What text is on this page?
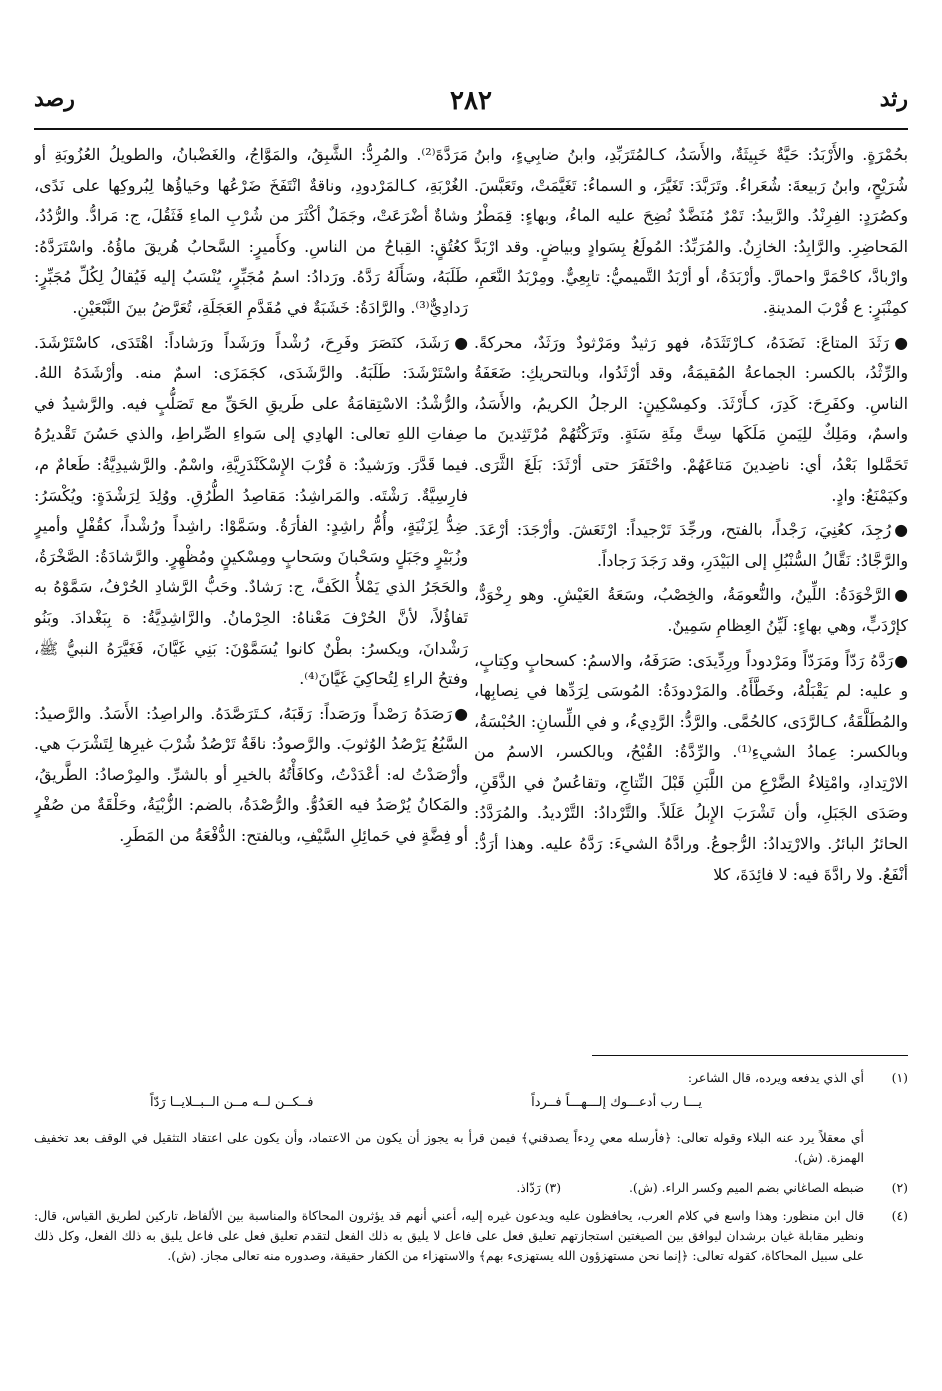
رثد
٢٨٢
رصد

بحُمْرَةٍ. والأَرْبَدُ: حَيَّةٌ خَبِيثَةٌ، والأَسَدُ، كـالمُتَرَبِّدِ، وابنُ ضابِيءٍ، وابنُ شُرَيْحٍ، وابنُ رَبيعةَ: شُعَراءُ. وتَرَبَّدَ: تَغَيَّرَ، و السماءُ: تَغَيَّمَتْ، وتَعَبَّسَ. وكصُرَدٍ: الفِرِنْدُ. والرَّبيدُ: تَمْرٌ مُنَضَّدٌ نُضِحَ عليه الماءُ، وبهاءٍ: قِمَطْرُ المَحاضِرِ. والرَّابِدُ: الخازِنُ. والمُرَبِّدُ: المُولَعُ بِسَوادٍ وبياضٍ. وقد ارْبَدَّ وارْبادَّ، كاحْمَرَّ واحمارَّ. وأرْبَدَةُ، أو أرْبَدُ التَّميميُّ: تابِعِيٌّ. ومِرْبَدُ النَّعَمِ، كمِنْبَرٍ: ع قُرْبَ المدينةِ.

●رَثَدَ المتاعَ: نَضَدَهُ، كـارْتَثَدَهُ، فهو رَثيدٌ ومَرْثودٌ ورَثَدٌ، محركةً. والرِّثْدُ، بالكسر: الجماعةُ المُقيمَةُ، وقد أرْثَدُوا، وبالتحريكِ: ضَعَفَةُ الناسِ. وكفَرِحَ: كَدِرَ، كـأَرْثَدَ. وكمِسْكِينٍ: الرجلُ الكريمُ، والأَسَدُ، واسمٌ، ومَلِكٌ للِيَمنِ مَلَكَها سِتَّ مِئَةِ سَنَةٍ. وتَرَكْتُهُمْ مُرْتَثِدينَ ما تَحَمَّلوا بَعْدُ، أي: ناضِدينَ مَتاعَهُمْ. واحْتَفَرَ حتى أرْثَدَ: بَلَغَ الثَّرَى. وكيَمْنَعُ: وادٍ.

●رُجِدَ، كعُنِيَ، رَجْداً، بالفتح، ورجِّدَ تَرْجيداً: ارْتَعَشَ. وأرْجَدَ: أرْعَدَ. والرَّجَّادُ: نَقَّالُ السُّنْبُلِ إلى البَيْدَرِ، وقد رَجَدَ رَجاداً.

●الرَّخْوَدَةُ: اللِّينُ، والنُّعومَةُ، والخِصْبُ، وسَعَةُ العَيْشِ. وهو رِخْوَدٌّ، كإرْدَبٍّ، وهي بهاءٍ: لَيِّنُ العِظامِ سَمِينٌ.

●رَدَّهُ رَدّاً ومَرَدّاً ومَرْدوداً ورِدِّيدَى: صَرَفَهُ، والاسمُ: كسحابٍ وكِتابٍ، و عليه: لم يَقْبَلْهُ، وخَطَّأَهُ. والمَرْدودَةُ: المُوسَى لِرَدِّها في نِصابِها، والمُطَلَّقَةُ، كـالرَّدَى، كالحُمَّى. والرَّدُّ: الرَّدِيءُ، و في اللِّسانِ: الحُبْسَةُ، وبالكسر: عِمادُ الشيءِ⁽¹⁾. والرِّدَّةُ: القُبْحُ، وبالكسر، الاسمُ من الارْتِدادِ، وامْتِلاءُ الضَّرْعِ من اللَّبَنِ قَبْلَ النِّتاجِ، وتقاعُسٌ في الذَّقَنِ، وصَدَى الجَبَلِ، وأن تَشْرَبَ الإِبلُ عَلَلاً. والتَّرْدادُ: التَّرْديدُ. والمُرَدَّدُ: الحائرُ البائرُ. والارْتِدادُ: الرُّجوعُ. ورادَّهُ الشيءَ: رَدَّهُ عليه. وهذا أرَدُّ: أنْفَعُ. ولا رادَّةَ فيه: لا فائِدَةَ، كلا

مَرَدَّةَ⁽²⁾. والمُرِدُّ: الشَّبِقُ، والمَوَّاجُ، والغَضْبانُ، والطويلُ العُزُوبَةِ أو الغُرْبَةِ، كـالمَرْدودِ، وناقةٌ انْتَفَخَ ضَرْعُها وحَياؤُها لِبُروكِها على نَدًى، وشاةٌ أضْرَعَتْ، وجَمَلٌ أكْثَرَ من شُرْبِ الماءِ فَثَقُلَ، ج: مَرادُّ. والرُّدُدُ، كعُتُقٍ: القِباحُ من الناسِ. وكأَميرٍ: السَّحابُ هُريقَ ماؤُهُ. واسْتَرَدَّهُ: طَلَبَهُ، وسَأَلَهُ رَدَّهُ. ورَدادُ: اسمُ مُجَبِّرٍ، يُنْسَبُ إليه فَيُقالُ لِكُلِّ مُجَبِّرٍ: رَدادِيٌّ⁽³⁾. والرَّادَةُ: خَشَبَةٌ في مُقَدَّمِ العَجَلَةِ، تُعَرَّضُ بينَ النَّبْعَيْنِ.

●رَشَدَ، كنَصَرَ وفَرِحَ، رُشْداً ورَشَداً ورَشاداً: اهْتَدَى، كاسْتَرْشَدَ. واسْتَرْشَدَ: طَلَبَهُ. والرَّشَدَى، كجَمَزَى: اسمٌ منه. وأرْشَدَهُ اللهُ. والرُّشْدُ: الاسْتِقامَةُ على طَريقِ الحَقِّ مع تَصَلُّبٍ فيه. والرَّشيدُ في صِفاتِ اللهِ تعالى: الهادِي إلى سَواءِ الصِّراطِ، والذي حَسُنَ تَقْديرُهُ فيما قَدَّرَ. ورَشيدٌ: ة قُرْبَ الإِسْكَنْدَرِيَّةِ، واسْمٌ. والرَّشيدِيَّةُ: طَعامٌ م، فارِسِيَّةٌ. رَشْتَه. والمَراشِدُ: مَقاصِدُ الطُّرُقِ. ووُلِدَ لِرَشْدَةٍ: ويُكْسَرُ: ضِدُّ لِزَنْيَةٍ، وأُمُّ راشِدٍ: الفأرَةُ. وسَمَّوْا: راشِداً ورُشْداً، كقُفْلٍ وأميرٍ وزُبَيْرٍ وجَبَلٍ وسَحْبانَ وسَحابٍ ومِسْكينٍ ومُظْهِرٍ. والرَّشادَةُ: الصَّخْرَةُ، والحَجَرُ الذي يَمْلأُ الكَفَّ، ج: رَشادٌ. وحَبُّ الرَّشادِ الحُرْفُ، سَمَّوْهُ به تَفاؤُلاً، لأنَّ الحُرْفَ مَعْناهُ: الحِرْمانُ. والرَّاشِدِيَّةُ: ة بِبَغْدادَ. وبَنُو رَشْدانَ، ويكسرُ: بطْنٌ كانوا يُسَمَّوْنَ: بَنِي غَيَّانَ، فَغَيَّرَهُ النبيُّ ﷺ، وفتحُ الراءِ لِتُحاكِيَ غَيَّانَ⁽⁴⁾.

●رَصَدَهُ رَصْداً ورَصَداً: رَقَبَهُ، كـتَرَصَّدَهُ. والراصِدُ: الأَسَدُ. والرَّصيدُ: السَّبُعُ يَرْصُدُ الوُثوبَ. والرَّصودُ: ناقَةٌ تَرْصُدُ شُرْبَ غيرِها لِتَشْرَبَ هي. وأرْصَدْتُ له: أعْدَدْتُ، وكافَأْتُهُ بالخيرِ أو بالشرِّ. والمِرْصادُ: الطَّريقُ، والمَكانُ يُرْصَدُ فيه العَدُوُّ. والرُّصْدَةُ، بالضم: الزُّبْيَةُ، وحَلْقَةٌ من صُفْرٍ أو فِضَّةٍ في حَمائِلِ السَّيْفِ، وبالفتح: الدُّفْعَةُ من المَطَرِ.

(١)أي الذي يدفعه ويرده، قال الشاعر:
يـــا رب أدعـــوك إلـــهـــاً فــرداً
فــكــن لــه مــن الــبــلايــا رَدّاً
أي معقلاً يرد عنه البلاء وقوله تعالى: ﴿فأرسله معي رِدءاً يصدقني﴾ فيمن قرأ به يجوز أن يكون من الاعتماد، وأن يكون على اعتقاد التثقيل في الوقف بعد تخفيف الهمزة. (ش).
(٢)ضبطه الصاغاني بضم الميم وكسر الراء. (ش).  (٣) رَدّاذ.
(٤)
قال ابن منظور: وهذا واسع في كلام العرب، يحافظون عليه ويدعون غيره إليه، أعني أنهم قد يؤثرون المحاكاة والمناسبة بين الألفاظ، تاركين لطريق القياس، قال: ونظير مقابلة غيان برشدان ليوافق بين الصيغتين استجازتهم تعليق فعل على فاعل لا يليق به ذلك الفعل لتقدم تعليق فعل على فاعل يليق به ذلك الفعل، وكل ذلك على سبيل المحاكاة، كقوله تعالى: ﴿إنما نحن مستهزؤون الله يستهزىء بهم﴾ والاستهزاء من الكفار حقيقة، وصدوره منه تعالى مجاز. (ش).
